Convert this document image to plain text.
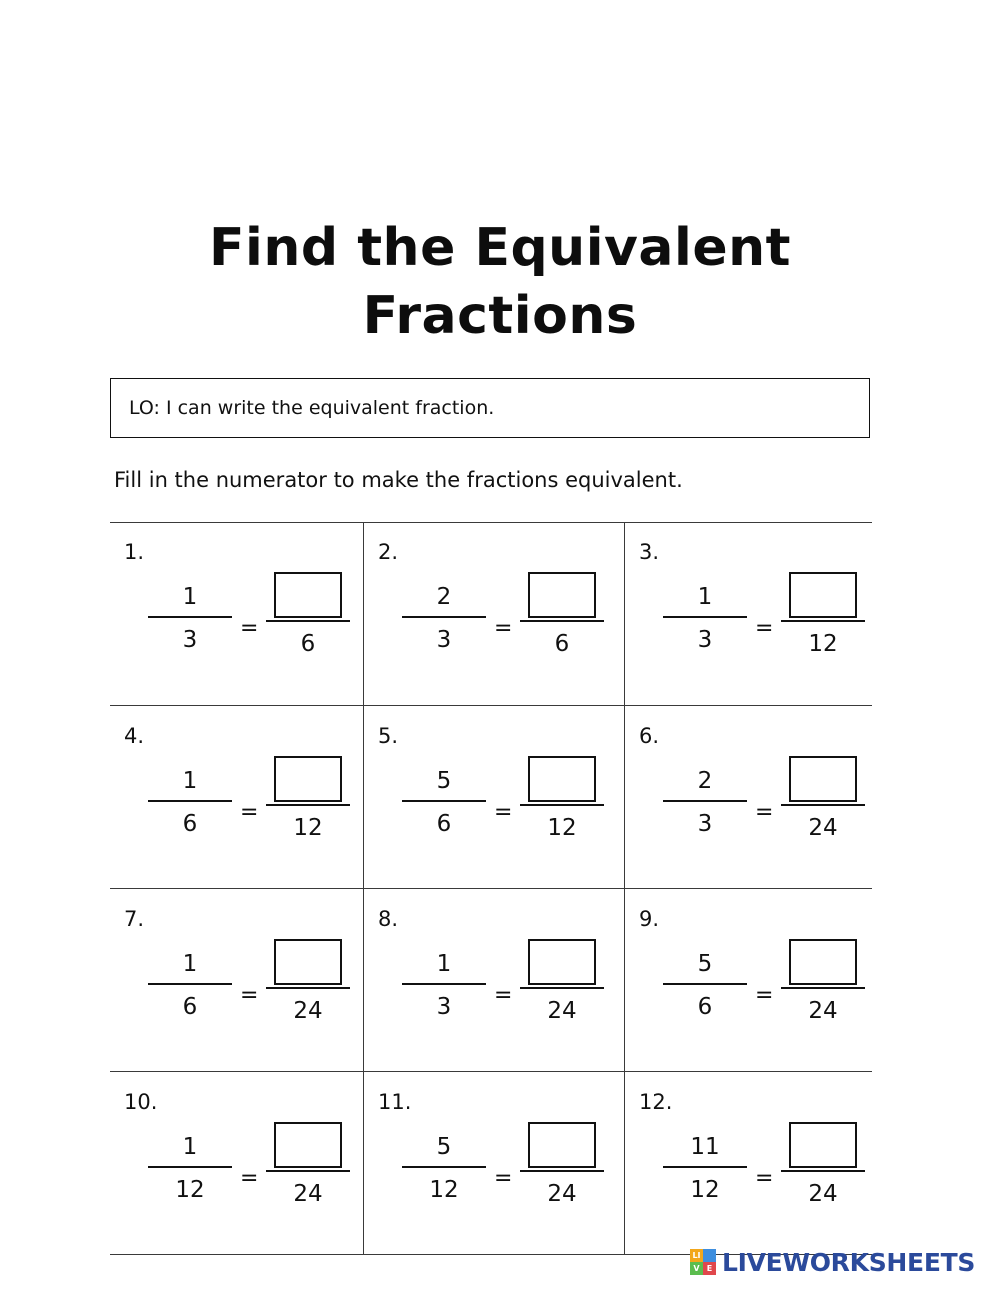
Find the Equivalent Fractions
LO: I can write the equivalent fraction.
Fill in the numerator to make the fractions equivalent.
1.
1
3	=
6
2.
2
3	=
6
3.
1
3	=
12
4.
1
6	=
12
5.
5
6	=
12
6.
2
3	=
24
7.
1
6	=
24
8.
1
3	=
24
9.
5
6	=
24
10.
1
12	=
24
11.
5
12	=
24
12.
11
12	=
24
LI
V E LIVEWORKSHEETS
